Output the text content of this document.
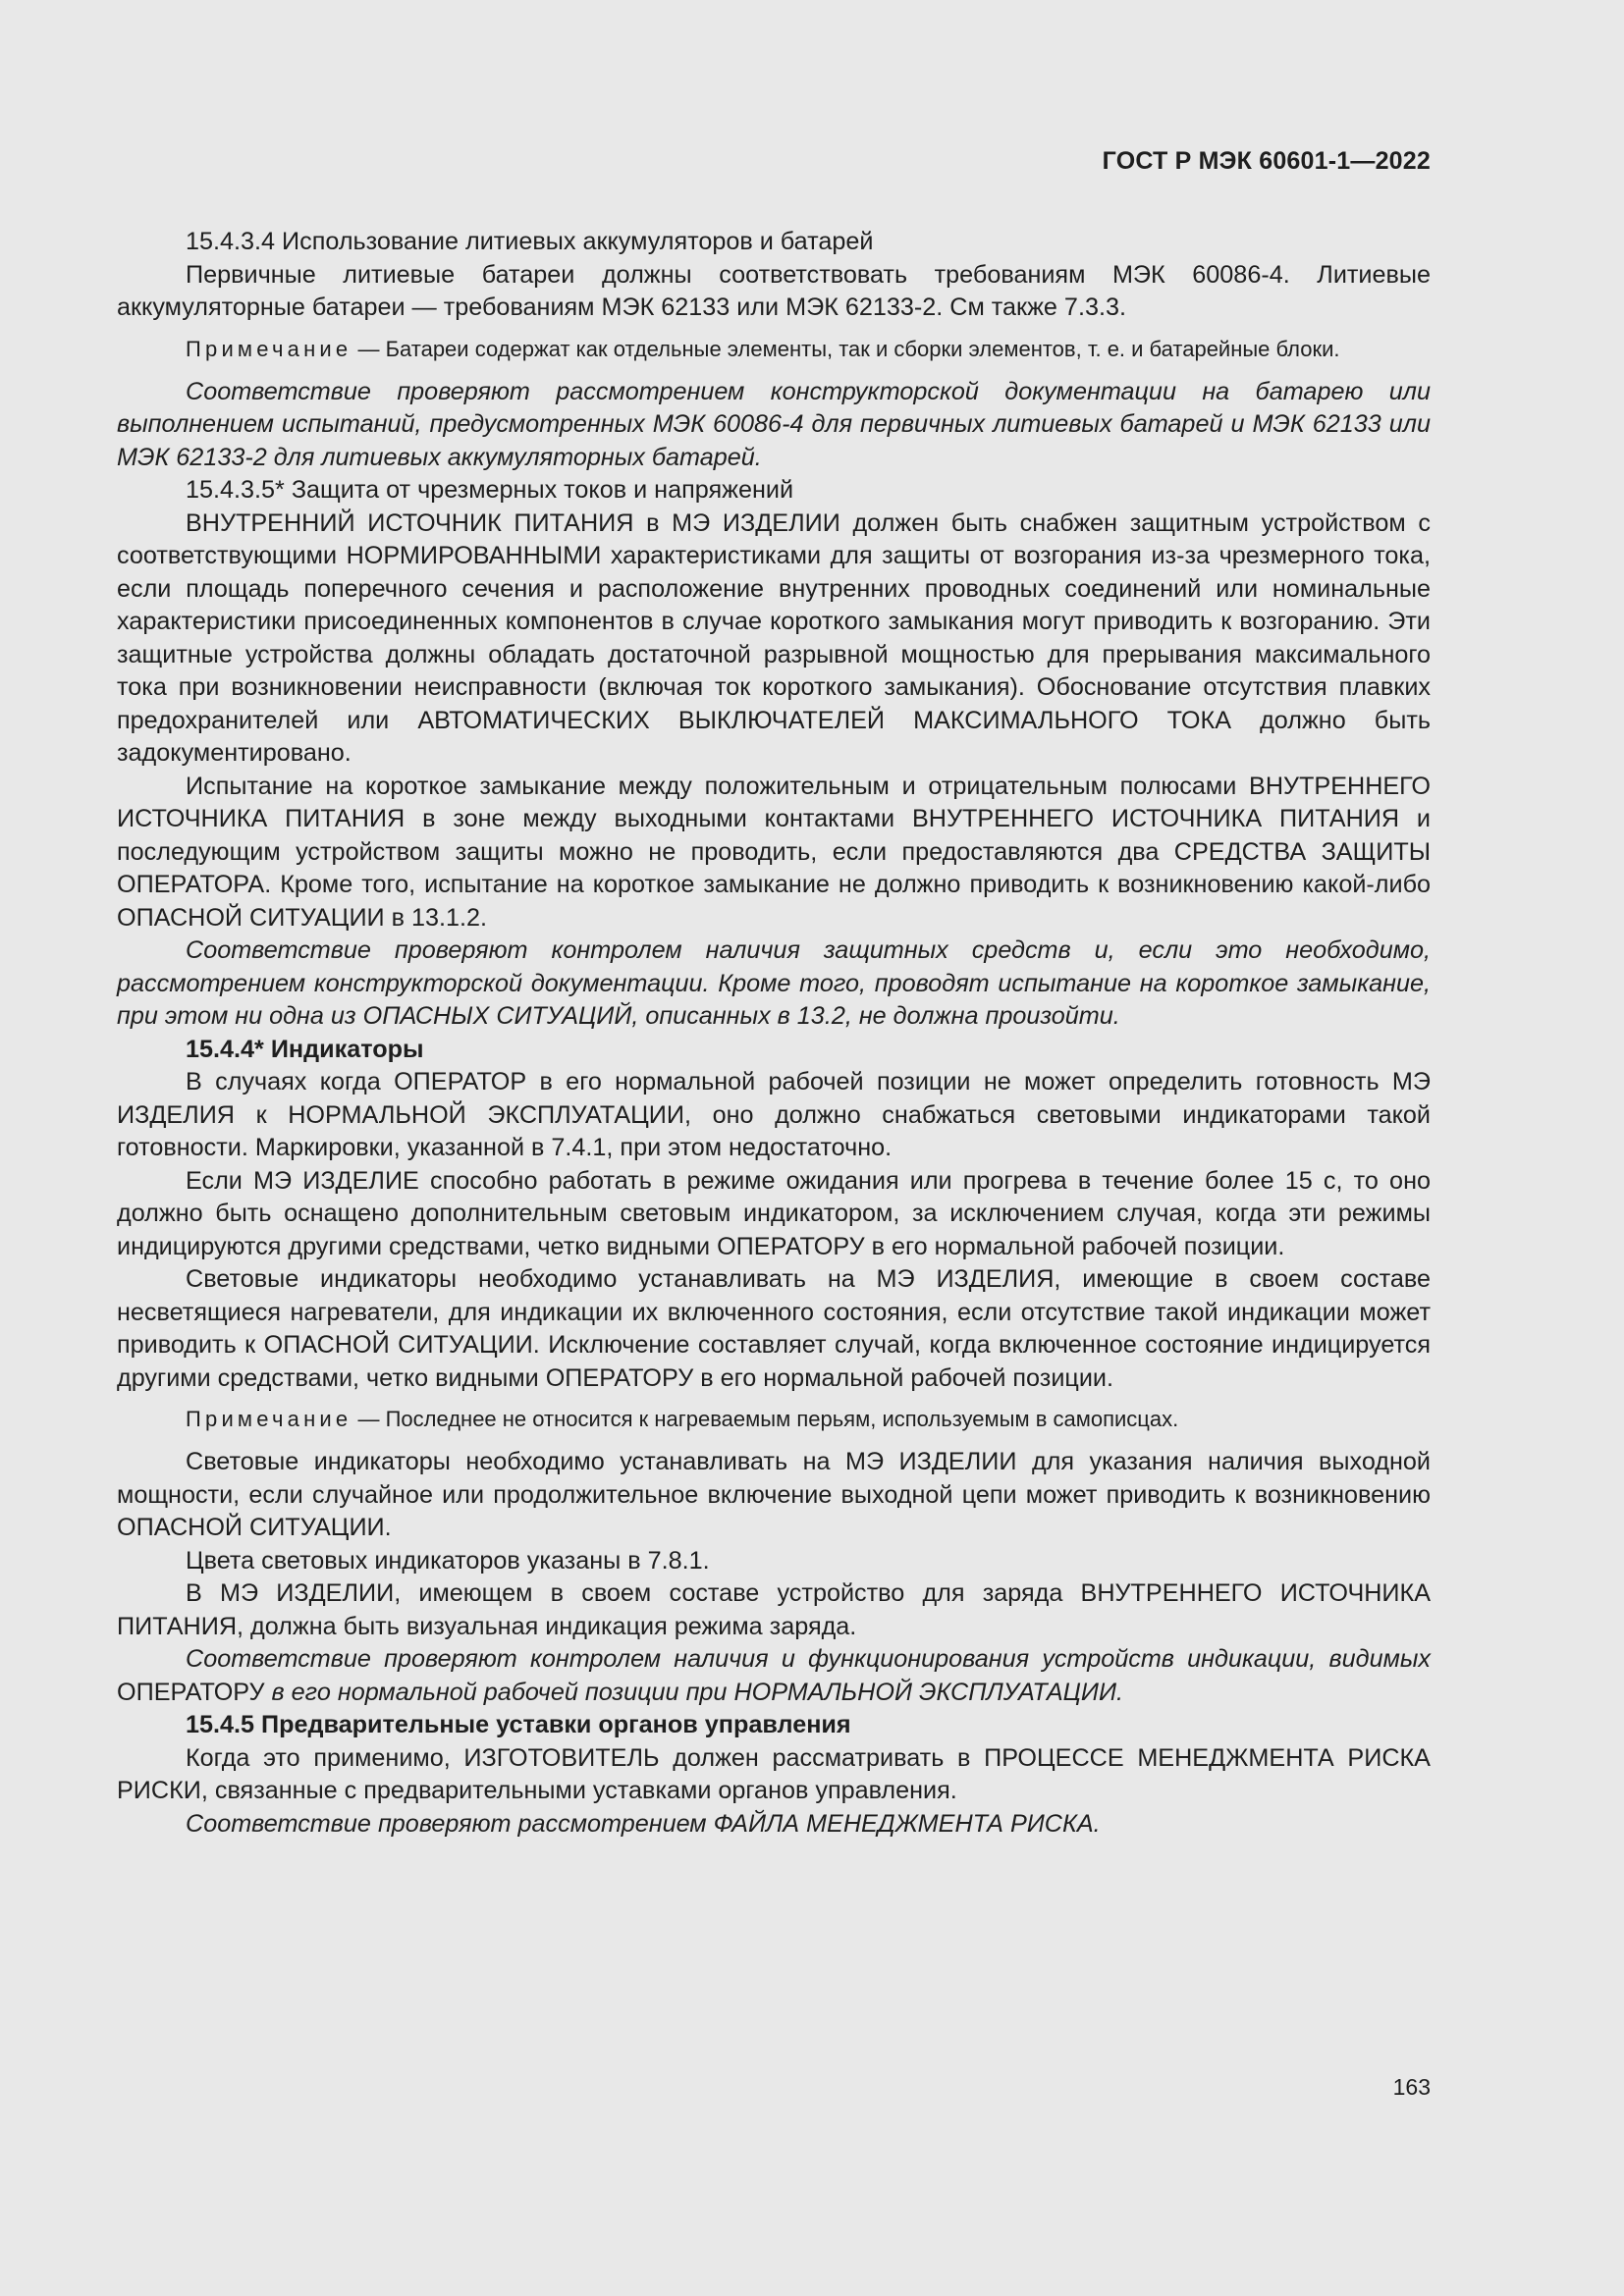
ГОСТ Р МЭК 60601-1—2022

15.4.3.4 Использование литиевых аккумуляторов и батарей

Первичные литиевые батареи должны соответствовать требованиям МЭК 60086-4. Литиевые аккумуляторные батареи — требованиям МЭК 62133 или МЭК 62133-2. См также 7.3.3.

Примечание — Батареи содержат как отдельные элементы, так и сборки элементов, т. е. и батарейные блоки.

Соответствие проверяют рассмотрением конструкторской документации на батарею или выполнением испытаний, предусмотренных МЭК 60086-4 для первичных литиевых батарей и МЭК 62133 или МЭК 62133-2 для литиевых аккумуляторных батарей.

15.4.3.5* Защита от чрезмерных токов и напряжений

ВНУТРЕННИЙ ИСТОЧНИК ПИТАНИЯ в МЭ ИЗДЕЛИИ должен быть снабжен защитным устройством с соответствующими НОРМИРОВАННЫМИ характеристиками для защиты от возгорания из-за чрезмерного тока, если площадь поперечного сечения и расположение внутренних проводных соединений или номинальные характеристики присоединенных компонентов в случае короткого замыкания могут приводить к возгоранию. Эти защитные устройства должны обладать достаточной разрывной мощностью для прерывания максимального тока при возникновении неисправности (включая ток короткого замыкания). Обоснование отсутствия плавких предохранителей или АВТОМАТИЧЕСКИХ ВЫКЛЮЧАТЕЛЕЙ МАКСИМАЛЬНОГО ТОКА должно быть задокументировано.

Испытание на короткое замыкание между положительным и отрицательным полюсами ВНУТРЕННЕГО ИСТОЧНИКА ПИТАНИЯ в зоне между выходными контактами ВНУТРЕННЕГО ИСТОЧНИКА ПИТАНИЯ и последующим устройством защиты можно не проводить, если предоставляются два СРЕДСТВА ЗАЩИТЫ ОПЕРАТОРА. Кроме того, испытание на короткое замыкание не должно приводить к возникновению какой-либо ОПАСНОЙ СИТУАЦИИ в 13.1.2.

Соответствие проверяют контролем наличия защитных средств и, если это необходимо, рассмотрением конструкторской документации. Кроме того, проводят испытание на короткое замыкание, при этом ни одна из ОПАСНЫХ СИТУАЦИЙ, описанных в 13.2, не должна произойти.

15.4.4* Индикаторы

В случаях когда ОПЕРАТОР в его нормальной рабочей позиции не может определить готовность МЭ ИЗДЕЛИЯ к НОРМАЛЬНОЙ ЭКСПЛУАТАЦИИ, оно должно снабжаться световыми индикаторами такой готовности. Маркировки, указанной в 7.4.1, при этом недостаточно.

Если МЭ ИЗДЕЛИЕ способно работать в режиме ожидания или прогрева в течение более 15 с, то оно должно быть оснащено дополнительным световым индикатором, за исключением случая, когда эти режимы индицируются другими средствами, четко видными ОПЕРАТОРУ в его нормальной рабочей позиции.

Световые индикаторы необходимо устанавливать на МЭ ИЗДЕЛИЯ, имеющие в своем составе несветящиеся нагреватели, для индикации их включенного состояния, если отсутствие такой индикации может приводить к ОПАСНОЙ СИТУАЦИИ. Исключение составляет случай, когда включенное состояние индицируется другими средствами, четко видными ОПЕРАТОРУ в его нормальной рабочей позиции.

Примечание — Последнее не относится к нагреваемым перьям, используемым в самописцах.

Световые индикаторы необходимо устанавливать на МЭ ИЗДЕЛИИ для указания наличия выходной мощности, если случайное или продолжительное включение выходной цепи может приводить к возникновению ОПАСНОЙ СИТУАЦИИ.

Цвета световых индикаторов указаны в 7.8.1.

В МЭ ИЗДЕЛИИ, имеющем в своем составе устройство для заряда ВНУТРЕННЕГО ИСТОЧНИКА ПИТАНИЯ, должна быть визуальная индикация режима заряда.

Соответствие проверяют контролем наличия и функционирования устройств индикации, видимых ОПЕРАТОРУ в его нормальной рабочей позиции при НОРМАЛЬНОЙ ЭКСПЛУАТАЦИИ.

15.4.5 Предварительные уставки органов управления

Когда это применимо, ИЗГОТОВИТЕЛЬ должен рассматривать в ПРОЦЕССЕ МЕНЕДЖМЕНТА РИСКА РИСКИ, связанные с предварительными уставками органов управления.

Соответствие проверяют рассмотрением ФАЙЛА МЕНЕДЖМЕНТА РИСКА.

163
